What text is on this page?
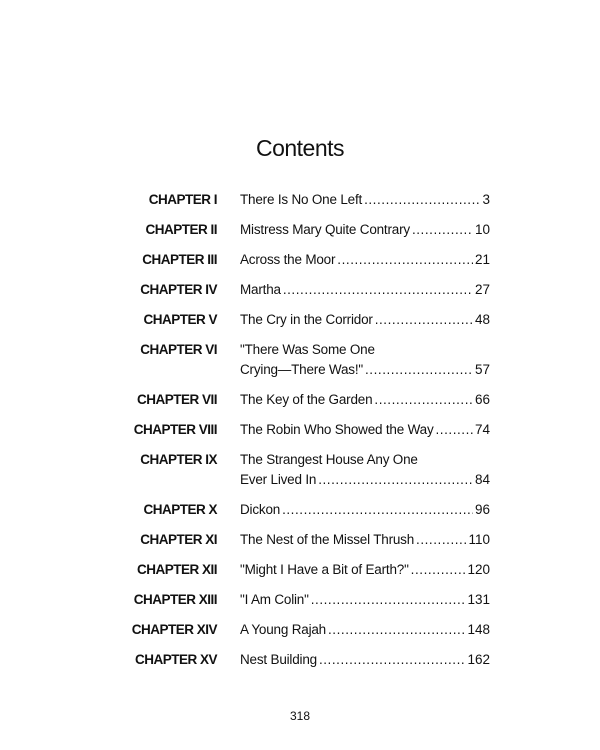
Contents
CHAPTER I There Is No One Left . . .	3
CHAPTER II Mistress Mary Quite Contrary . . .	10
CHAPTER III Across the Moor . . .	21
CHAPTER IV Martha . . .	27
CHAPTER V The Cry in the Corridor . . .	48
CHAPTER VI "There Was Some One
Crying—There Was!" . . .	57
CHAPTER VII The Key of the Garden . . .	66
CHAPTER VIII The Robin Who Showed the Way . . .	74
CHAPTER IX The Strangest House Any One
Ever Lived In . . .	84
CHAPTER X Dickon . . .	96
CHAPTER XI The Nest of the Missel Thrush . . .	110
CHAPTER XII "Might I Have a Bit of Earth?" . . .	120
CHAPTER XIII "I Am Colin" . . .	131
CHAPTER XIV A Young Rajah . . .	148
CHAPTER XV Nest Building . . .	162
318
